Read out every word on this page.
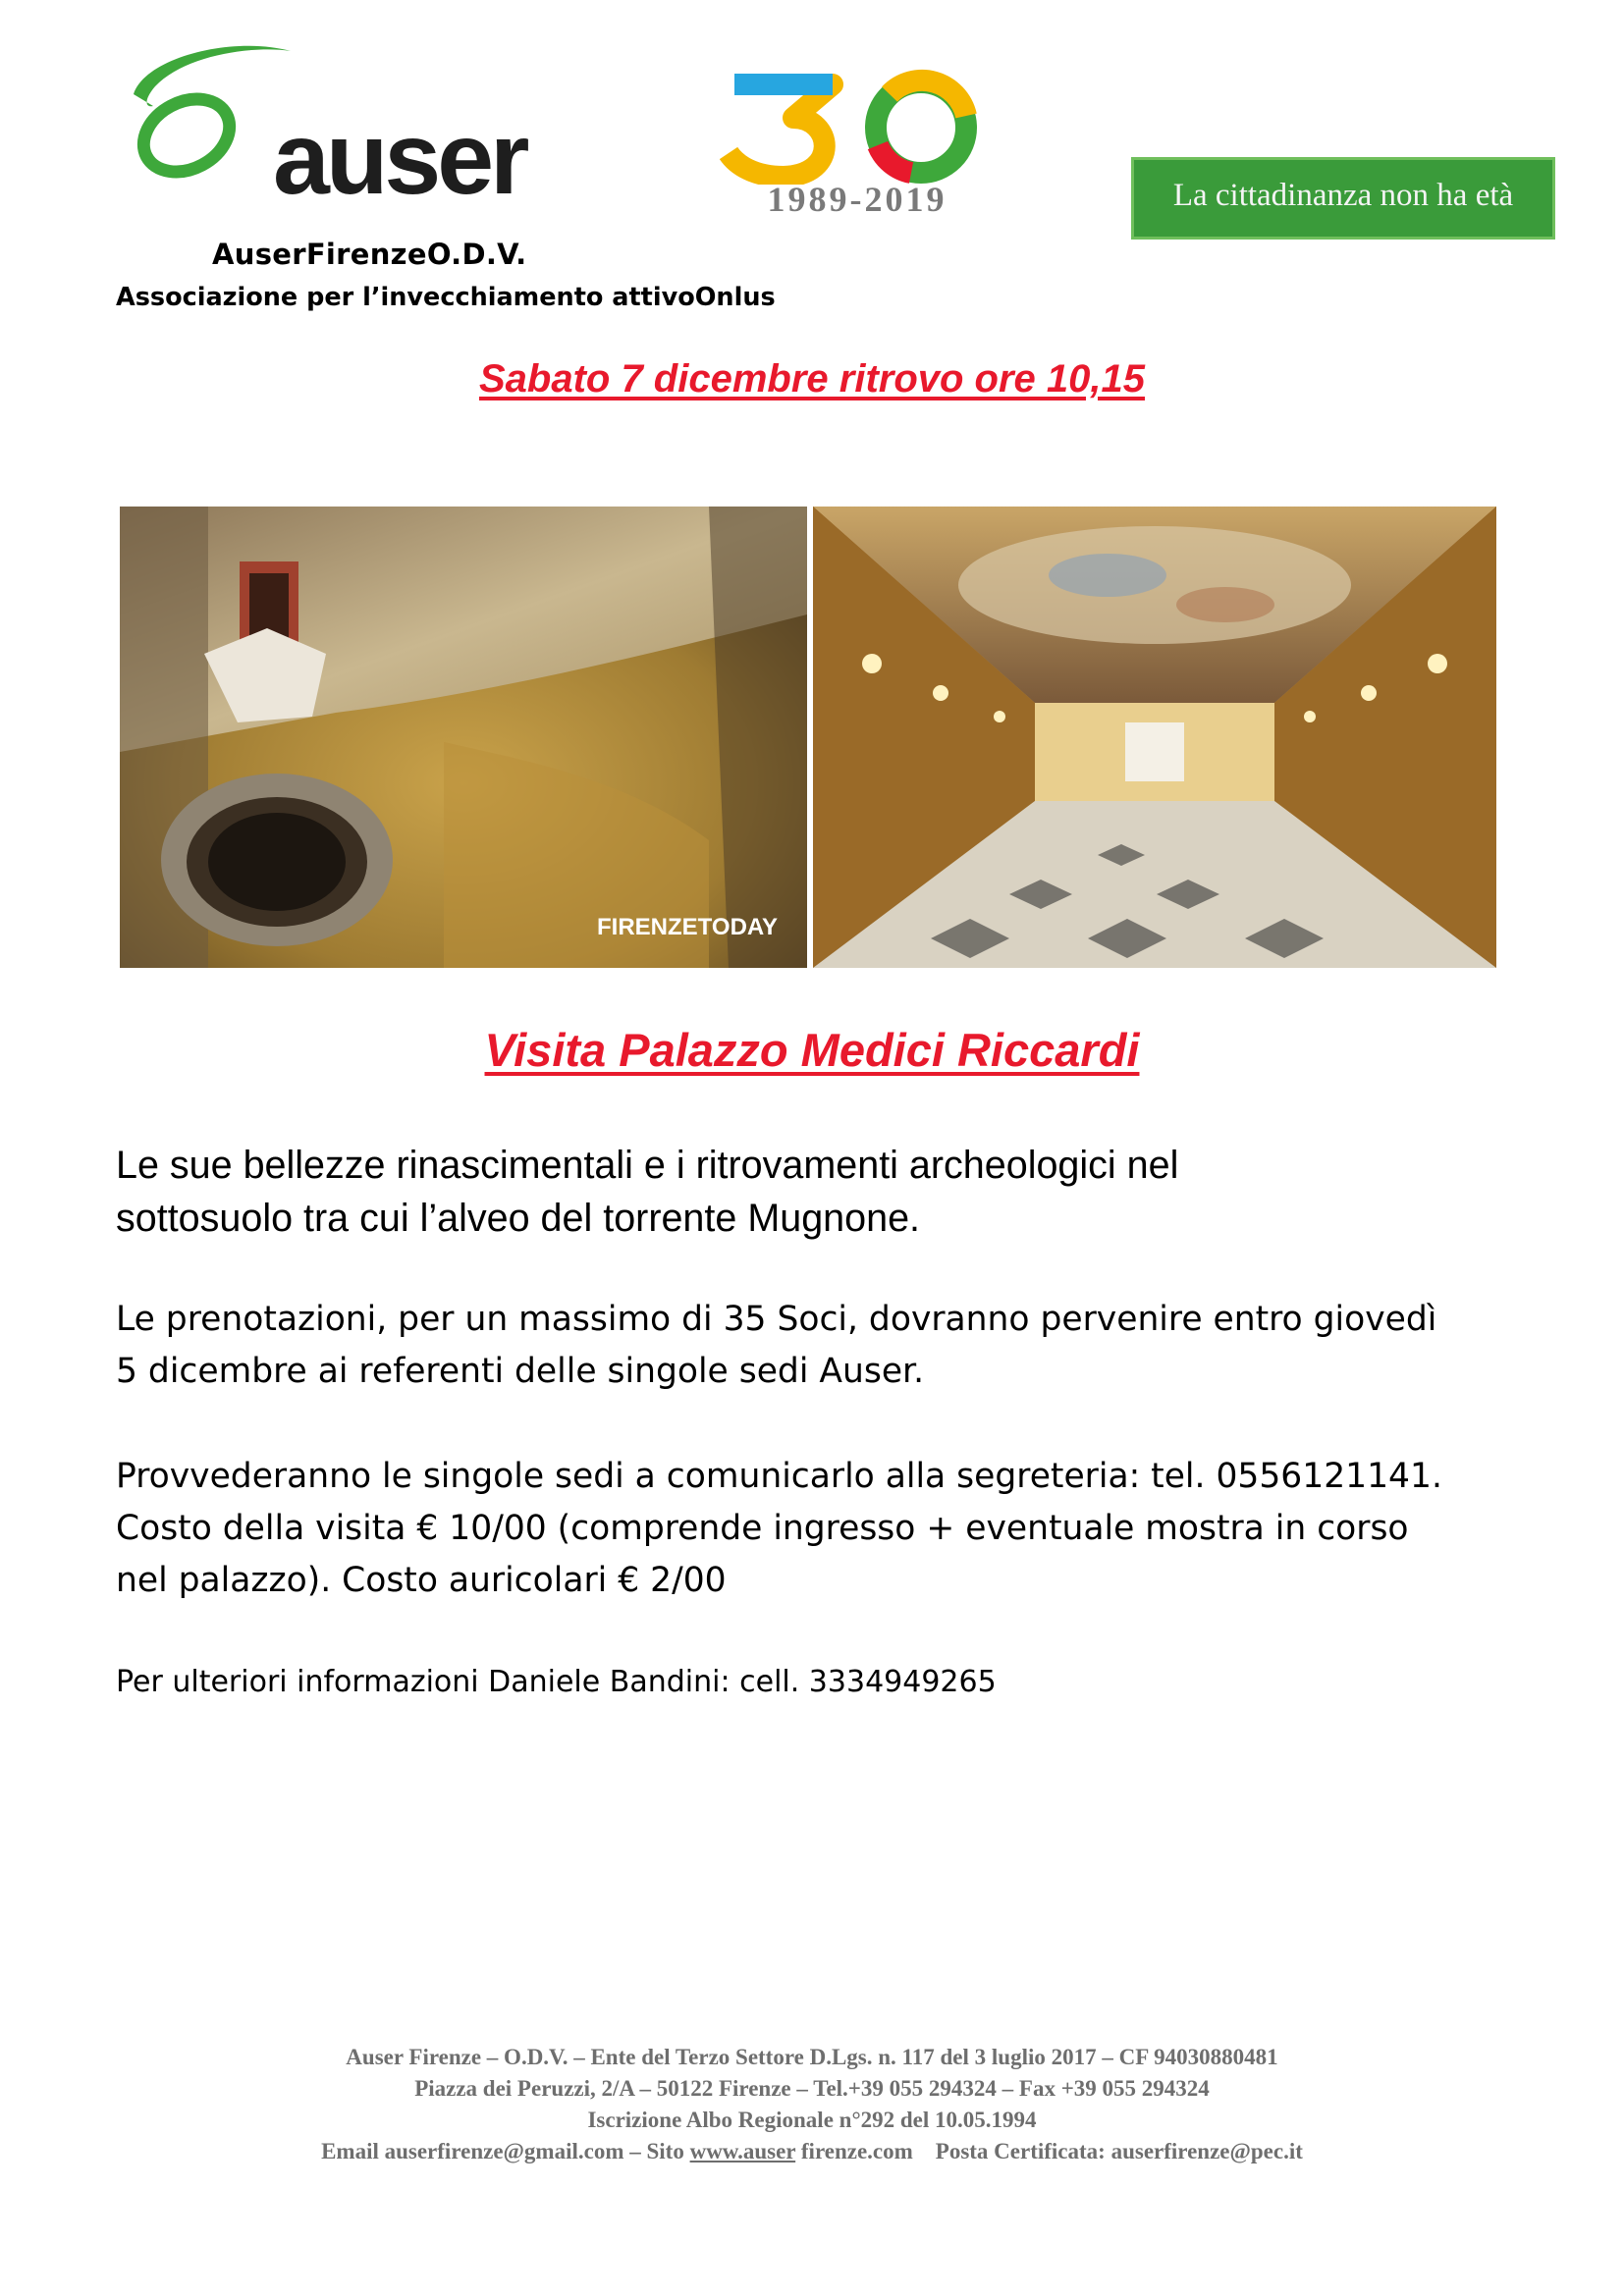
auser	1989-2019	La cittadinanza non ha età
AuserFirenzeO.D.V.
Associazione per l’invecchiamento attivoOnlus
Sabato 7 dicembre ritrovo ore 10,15
FIRENZETODAY
Visita Palazzo Medici Riccardi
Le sue bellezze rinascimentali e i ritrovamenti archeologici nel
sottosuolo tra cui l’alveo del torrente Mugnone.
Le prenotazioni, per un massimo di 35 Soci, dovranno pervenire entro giovedì
5 dicembre ai referenti delle singole sedi Auser.
Provvederanno le singole sedi a comunicarlo alla segreteria: tel. 0556121141.
Costo della visita € 10/00 (comprende ingresso + eventuale mostra in corso
nel palazzo). Costo auricolari € 2/00
Per ulteriori informazioni Daniele Bandini: cell. 3334949265
Auser Firenze – O.D.V. – Ente del Terzo Settore D.Lgs. n. 117 del 3 luglio 2017 – CF 94030880481
Piazza dei Peruzzi, 2/A – 50122 Firenze – Tel.+39 055 294324 – Fax +39 055 294324
Iscrizione Albo Regionale n°292 del 10.05.1994
Email auserfirenze@gmail.com – Sito www.auser firenze.com    Posta Certificata: auserfirenze@pec.it
